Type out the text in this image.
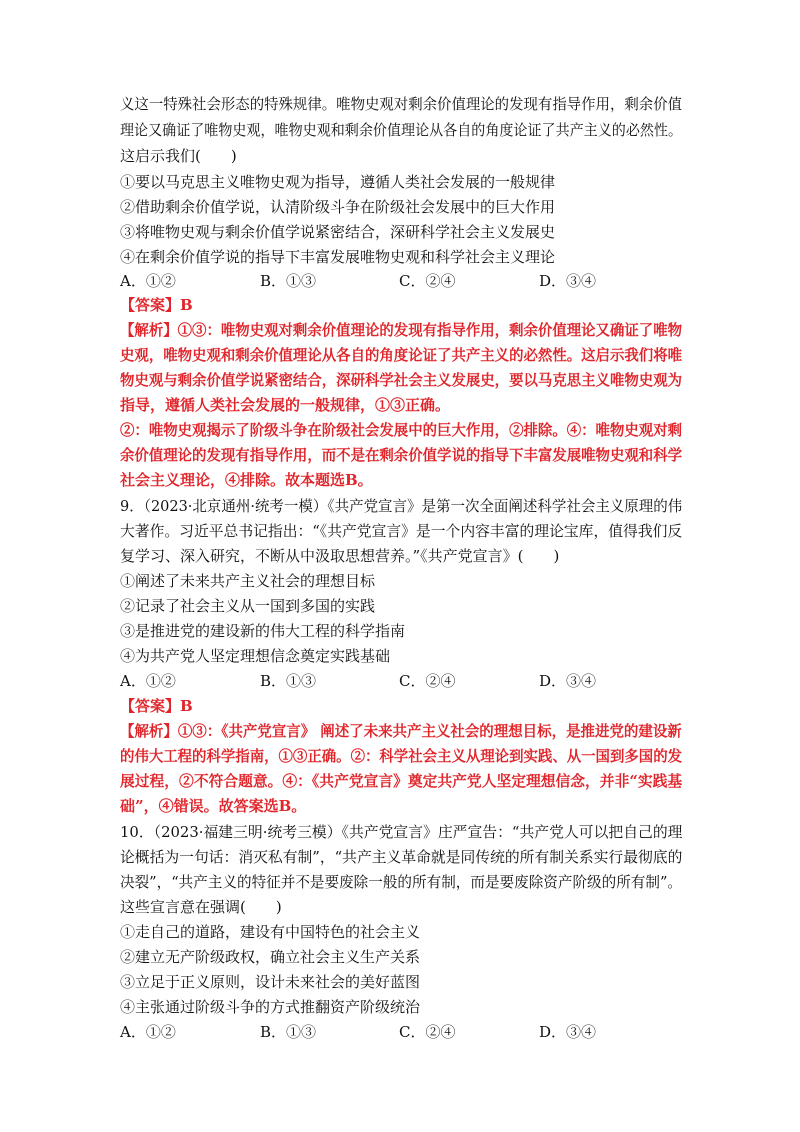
义这一特殊社会形态的特殊规律。唯物史观对剩余价值理论的发现有指导作用，剩余价值
理论又确证了唯物史观，唯物史观和剩余价值理论从各自的角度论证了共产主义的必然性。
这启示我们(　　)
①要以马克思主义唯物史观为指导，遵循人类社会发展的一般规律
②借助剩余价值学说，认清阶级斗争在阶级社会发展中的巨大作用
③将唯物史观与剩余价值学说紧密结合，深研科学社会主义发展史
④在剩余价值学说的指导下丰富发展唯物史观和科学社会主义理论
A．①②	B．①③	C．②④	D．③④
【答案】B
【解析】①③：唯物史观对剩余价值理论的发现有指导作用，剩余价值理论又确证了唯物
史观，唯物史观和剩余价值理论从各自的角度论证了共产主义的必然性。这启示我们将唯
物史观与剩余价值学说紧密结合，深研科学社会主义发展史，要以马克思主义唯物史观为
指导，遵循人类社会发展的一般规律，①③正确。
②：唯物史观揭示了阶级斗争在阶级社会发展中的巨大作用，②排除。④：唯物史观对剩
余价值理论的发现有指导作用，而不是在剩余价值学说的指导下丰富发展唯物史观和科学
社会主义理论，④排除。故本题选B。
9．（2023·北京通州·统考一模）《共产党宣言》是第一次全面阐述科学社会主义原理的伟
大著作。习近平总书记指出：“《共产党宣言》是一个内容丰富的理论宝库，值得我们反
复学习、深入研究，不断从中汲取思想营养。”《共产党宣言》(　　)
①阐述了未来共产主义社会的理想目标
②记录了社会主义从一国到多国的实践
③是推进党的建设新的伟大工程的科学指南
④为共产党人坚定理想信念奠定实践基础
A．①②	B．①③	C．②④	D．③④
【答案】B
【解析】①③：《共产党宣言》 阐述了未来共产主义社会的理想目标，是推进党的建设新
的伟大工程的科学指南，①③正确。②：科学社会主义从理论到实践、从一国到多国的发
展过程，②不符合题意。④：《共产党宣言》奠定共产党人坚定理想信念，并非“实践基
础”，④错误。故答案选B。
10．（2023·福建三明·统考三模）《共产党宣言》庄严宣告：“共产党人可以把自己的理
论概括为一句话：消灭私有制”，“共产主义革命就是同传统的所有制关系实行最彻底的
决裂”，“共产主义的特征并不是要废除一般的所有制，而是要废除资产阶级的所有制”。
这些宣言意在强调(　　)
①走自己的道路，建设有中国特色的社会主义
②建立无产阶级政权，确立社会主义生产关系
③立足于正义原则，设计未来社会的美好蓝图
④主张通过阶级斗争的方式推翻资产阶级统治
A．①②	B．①③	C．②④	D．③④
